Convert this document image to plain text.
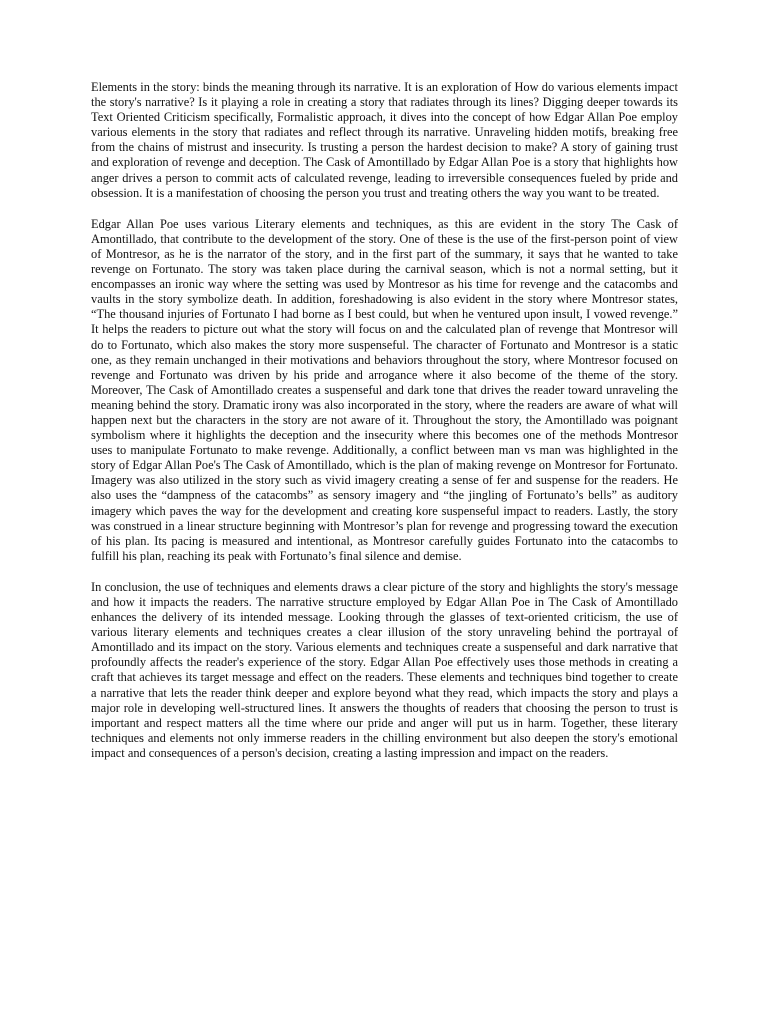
Elements in the story: binds the meaning through its narrative. It is an exploration of How do various elements impact the story's narrative? Is it playing a role in creating a story that radiates through its lines? Digging deeper towards its Text Oriented Criticism specifically, Formalistic approach, it dives into the concept of how Edgar Allan Poe employ various elements in the story that radiates and reflect through its narrative. Unraveling hidden motifs, breaking free from the chains of mistrust and insecurity. Is trusting a person the hardest decision to make? A story of gaining trust and exploration of revenge and deception. The Cask of Amontillado by Edgar Allan Poe is a story that highlights how anger drives a person to commit acts of calculated revenge, leading to irreversible consequences fueled by pride and obsession. It is a manifestation of choosing the person you trust and treating others the way you want to be treated.

Edgar Allan Poe uses various Literary elements and techniques, as this are evident in the story The Cask of Amontillado, that contribute to the development of the story. One of these is the use of the first-person point of view of Montresor, as he is the narrator of the story, and in the first part of the summary, it says that he wanted to take revenge on Fortunato. The story was taken place during the carnival season, which is not a normal setting, but it encompasses an ironic way where the setting was used by Montresor as his time for revenge and the catacombs and vaults in the story symbolize death. In addition, foreshadowing is also evident in the story where Montresor states, “The thousand injuries of Fortunato I had borne as I best could, but when he ventured upon insult, I vowed revenge.” It helps the readers to picture out what the story will focus on and the calculated plan of revenge that Montresor will do to Fortunato, which also makes the story more suspenseful. The character of Fortunato and Montresor is a static one, as they remain unchanged in their motivations and behaviors throughout the story, where Montresor focused on revenge and Fortunato was driven by his pride and arrogance where it also become of the theme of the story. Moreover, The Cask of Amontillado creates a suspenseful and dark tone that drives the reader toward unraveling the meaning behind the story. Dramatic irony was also incorporated in the story, where the readers are aware of what will happen next but the characters in the story are not aware of it. Throughout the story, the Amontillado was poignant symbolism where it highlights the deception and the insecurity where this becomes one of the methods Montresor uses to manipulate Fortunato to make revenge. Additionally, a conflict between man vs man was highlighted in the story of Edgar Allan Poe's The Cask of Amontillado, which is the plan of making revenge on Montresor for Fortunato. Imagery was also utilized in the story such as vivid imagery creating a sense of fer and suspense for the readers. He also uses the “dampness of the catacombs” as sensory imagery and “the jingling of Fortunato’s bells” as auditory imagery which paves the way for the development and creating kore suspenseful impact to readers. Lastly, the story was construed in a linear structure beginning with Montresor’s plan for revenge and progressing toward the execution of his plan. Its pacing is measured and intentional, as Montresor carefully guides Fortunato into the catacombs to fulfill his plan, reaching its peak with Fortunato’s final silence and demise.

In conclusion, the use of techniques and elements draws a clear picture of the story and highlights the story's message and how it impacts the readers. The narrative structure employed by Edgar Allan Poe in The Cask of Amontillado enhances the delivery of its intended message. Looking through the glasses of text-oriented criticism, the use of various literary elements and techniques creates a clear illusion of the story unraveling behind the portrayal of Amontillado and its impact on the story. Various elements and techniques create a suspenseful and dark narrative that profoundly affects the reader's experience of the story. Edgar Allan Poe effectively uses those methods in creating a craft that achieves its target message and effect on the readers. These elements and techniques bind together to create a narrative that lets the reader think deeper and explore beyond what they read, which impacts the story and plays a major role in developing well-structured lines. It answers the thoughts of readers that choosing the person to trust is important and respect matters all the time where our pride and anger will put us in harm. Together, these literary techniques and elements not only immerse readers in the chilling environment but also deepen the story's emotional impact and consequences of a person's decision, creating a lasting impression and impact on the readers.
